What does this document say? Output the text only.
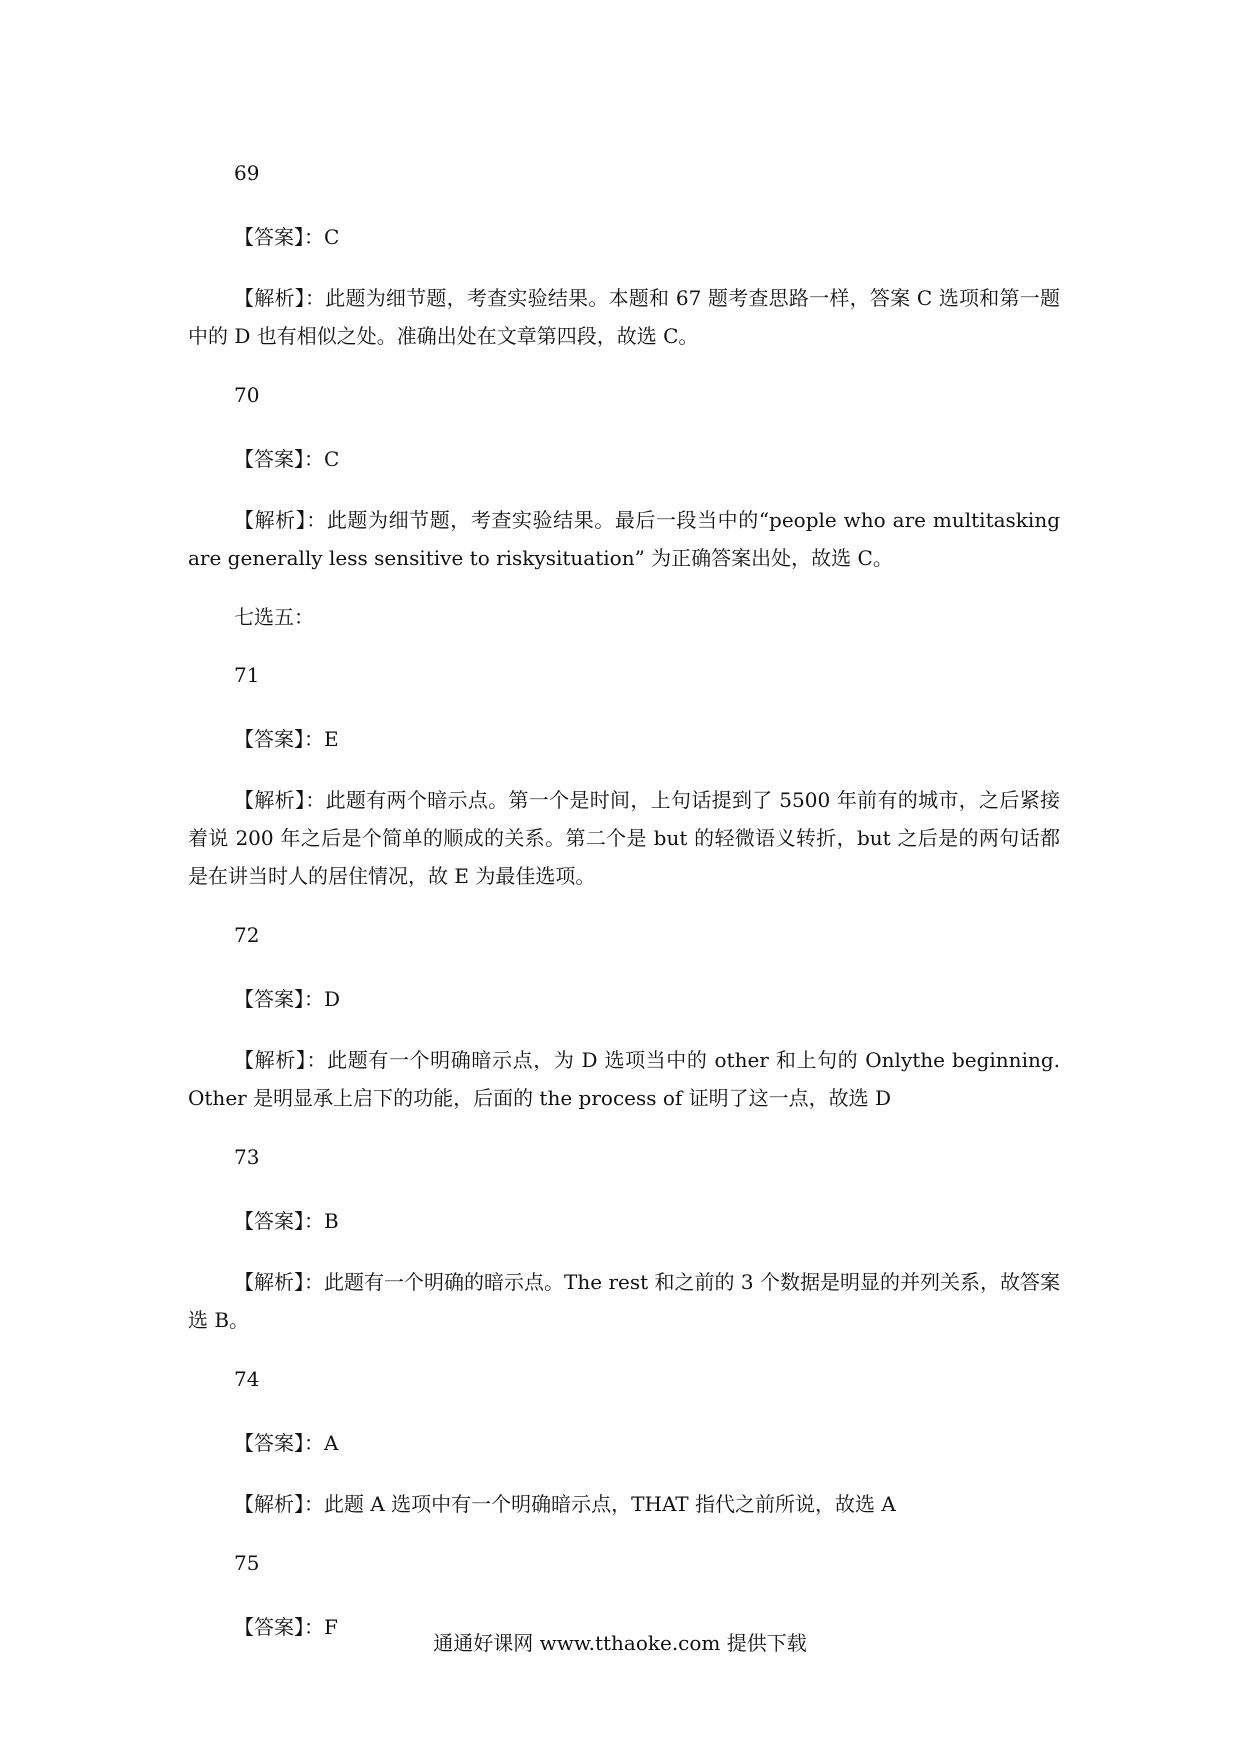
69
【答案】：C
【解析】：此题为细节题，考查实验结果。本题和 67 题考查思路一样，答案 C 选项和第一题中的 D 也有相似之处。准确出处在文章第四段，故选 C。
70
【答案】：C
【解析】：此题为细节题，考查实验结果。最后一段当中的“people who are multitasking are generally less sensitive to riskysituation” 为正确答案出处，故选 C。
七选五：
71
【答案】：E
【解析】：此题有两个暗示点。第一个是时间，上句话提到了 5500 年前有的城市，之后紧接着说 200 年之后是个简单的顺成的关系。第二个是 but 的轻微语义转折，but 之后是的两句话都是在讲当时人的居住情况，故 E 为最佳选项。
72
【答案】：D
【解析】：此题有一个明确暗示点，为 D 选项当中的 other 和上句的 Onlythe beginning. Other 是明显承上启下的功能，后面的 the process of 证明了这一点，故选 D
73
【答案】：B
【解析】：此题有一个明确的暗示点。The rest 和之前的 3 个数据是明显的并列关系，故答案选 B。
74
【答案】：A
【解析】：此题 A 选项中有一个明确暗示点，THAT 指代之前所说，故选 A
75
【答案】：F
通通好课网 www.tthaoke.com 提供下载
